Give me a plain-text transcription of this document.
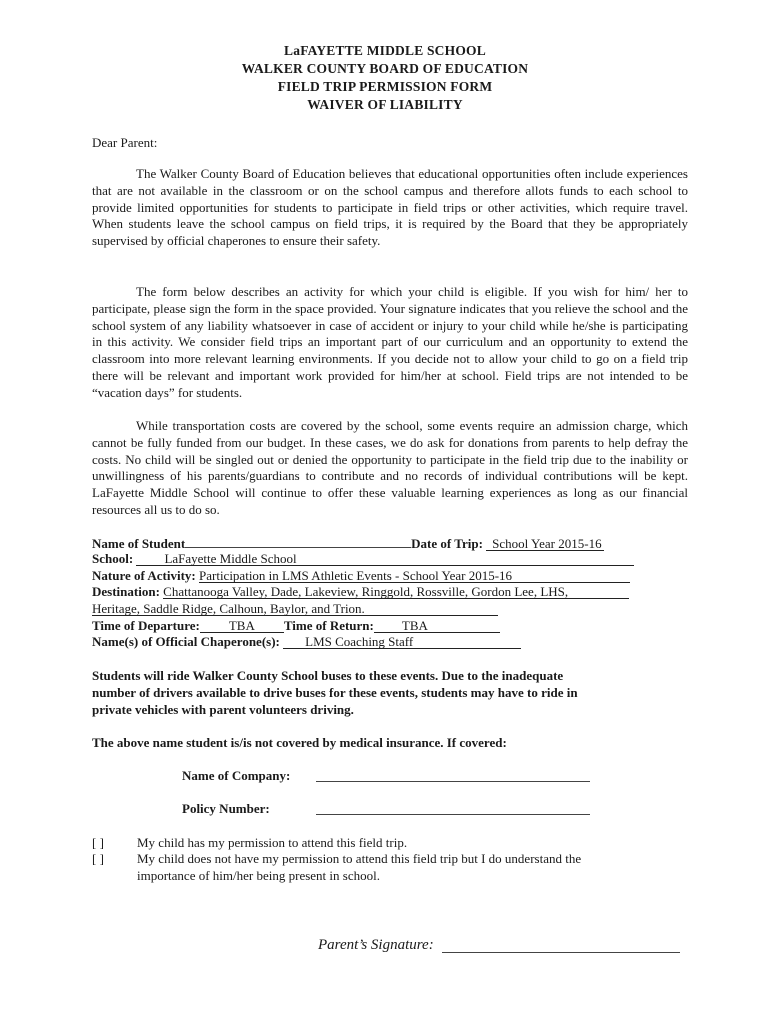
LaFAYETTE MIDDLE SCHOOL
WALKER COUNTY BOARD OF EDUCATION
FIELD TRIP PERMISSION FORM
WAIVER OF LIABILITY
Dear Parent:
The Walker County Board of Education believes that educational opportunities often include experiences that are not available in the classroom or on the school campus and therefore allots funds to each school to provide limited opportunities for students to participate in field trips or other activities, which require travel. When students leave the school campus on field trips, it is required by the Board that they be appropriately supervised by official chaperones to ensure their safety.
The form below describes an activity for which your child is eligible. If you wish for him/ her to participate, please sign the form in the space provided. Your signature indicates that you relieve the school and the school system of any liability whatsoever in case of accident or injury to your child while he/she is participating in this activity. We consider field trips an important part of our curriculum and an opportunity to extend the classroom into more relevant learning environments. If you decide not to allow your child to go on a field trip there will be relevant and important work provided for him/her at school. Field trips are not intended to be “vacation days” for students.
While transportation costs are covered by the school, some events require an admission charge, which cannot be fully funded from our budget. In these cases, we do ask for donations from parents to help defray the costs. No child will be singled out or denied the opportunity to participate in the field trip due to the inability or unwillingness of his parents/guardians to contribute and no records of individual contributions will be kept. LaFayette Middle School will continue to offer these valuable learning experiences as long as our financial resources all us to do so.
Name of Student	Date of Trip: School Year 2015-16
School: LaFayette Middle School
Nature of Activity: Participation in LMS Athletic Events - School Year 2015-16
Destination: Chattanooga Valley, Dade, Lakeview, Ringgold, Rossville, Gordon Lee, LHS,
Heritage, Saddle Ridge, Calhoun, Baylor, and Trion.
Time of Departure: TBA Time of Return: TBA
Name(s) of Official Chaperone(s): LMS Coaching Staff
Students will ride Walker County School buses to these events. Due to the inadequate
number of drivers available to drive buses for these events, students may have to ride in
private vehicles with parent volunteers driving.
The above name student is/is not covered by medical insurance. If covered:
Name of Company:
Policy Number:
[ ]	My child has my permission to attend this field trip.
[ ]	My child does not have my permission to attend this field trip but I do understand the
importance of him/her being present in school.
Parent’s Signature:
